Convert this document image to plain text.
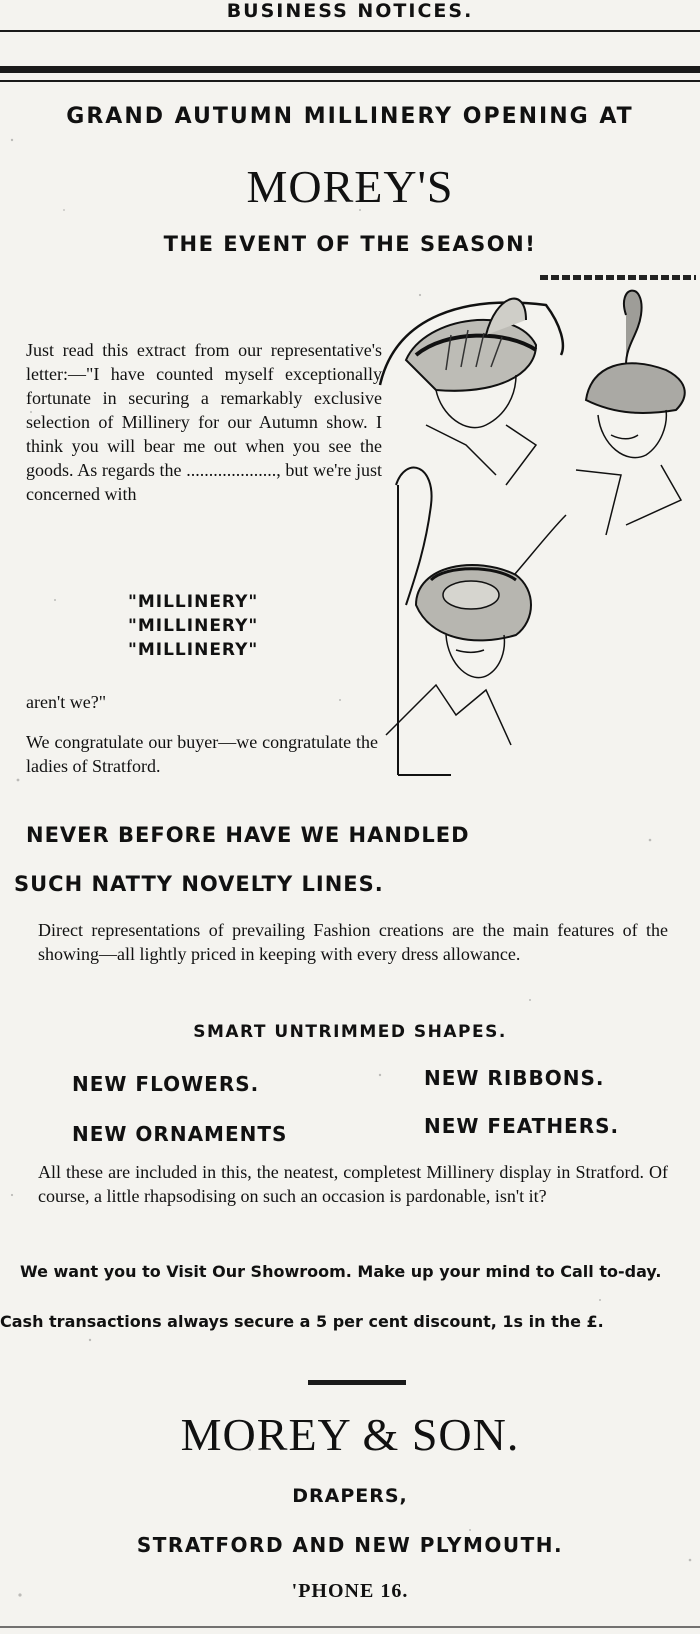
BUSINESS NOTICES.
GRAND AUTUMN MILLINERY OPENING AT
MOREY'S
THE EVENT OF THE SEASON!
Just read this extract from our representative's letter:—"I have counted myself exceptionally fortunate in securing a remarkably exclusive selection of Millinery for our Autumn show. I think you will bear me out when you see the goods. As regards the ...................., but we're just concerned with
"MILLINERY"
"MILLINERY"
"MILLINERY"
aren't we?"
We congratulate our buyer—we congratulate the ladies of Stratford.
NEVER BEFORE HAVE WE HANDLED
SUCH NATTY NOVELTY LINES.
Direct representations of prevailing Fashion creations are the main features of the showing—all lightly priced in keeping with every dress allowance.
SMART UNTRIMMED SHAPES.
NEW FLOWERS.	NEW RIBBONS.
NEW ORNAMENTS	NEW FEATHERS.
All these are included in this, the neatest, completest Millinery display in Stratford. Of course, a little rhapsodising on such an occasion is pardonable, isn't it?
We want you to Visit Our Showroom. Make up your mind to Call to-day.
Cash transactions always secure a 5 per cent discount, 1s in the £.
MOREY & SON.
DRAPERS,
STRATFORD AND NEW PLYMOUTH.
'PHONE 16.
